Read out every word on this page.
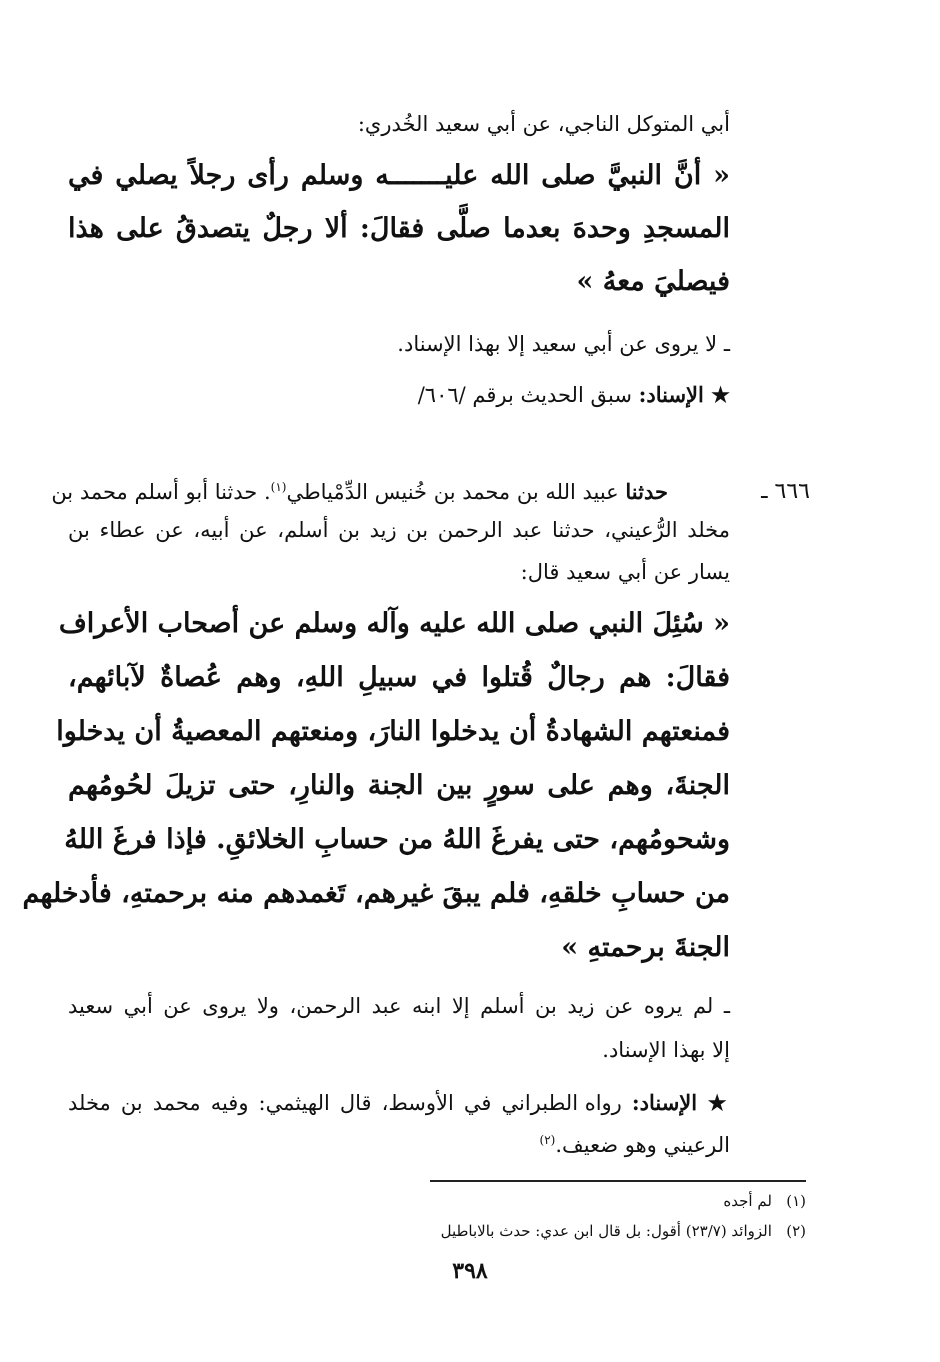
أبي المتوكل الناجي، عن أبي سعيد الخُدري:
« أنَّ النبيَّ صلى الله عليـــــــه وسلم رأى رجلاً يصلي في
المسجدِ وحدهَ بعدما صلَّى فقالَ: ألا رجلٌ يتصدقُ على هذا
فيصليَ معهُ »
ـ لا يروى عن أبي سعيد إلا بهذا الإسناد.
★ الإسناد: سبق الحديث برقم /٦٠٦/
٦٦٦ ـ
حدثنا عبيد الله بن محمد بن خُنيس الدِّمْياطي$^{(١)}$. حدثنا أبو أسلم محمد بن
مخلد الرُّعيني، حدثنا عبد الرحمن بن زيد بن أسلم، عن أبيه، عن عطاء بن
يسار عن أبي سعيد قال:
« سُئِلَ النبي صلى الله عليه وآله وسلم عن أصحاب الأعراف
فقالَ: هم رجالٌ قُتلوا في سبيلِ اللهِ، وهم عُصاةٌ لآبائهم،
فمنعتهم الشهادةُ أن يدخلوا النارَ، ومنعتهم المعصيةُ أن يدخلوا
الجنةَ، وهم على سورٍ بين الجنة والنارِ، حتى تزيلَ لحُومُهم
وشحومُهم، حتى يفرغَ اللهُ من حسابِ الخلائقِ. فإذا فرغَ اللهُ
من حسابِ خلقهِ، فلم يبقَ غيرهم، تَغمدهم منه برحمتهِ، فأدخلهم
الجنةَ برحمتهِ »
ـ لم يروه عن زيد بن أسلم إلا ابنه عبد الرحمن، ولا يروى عن أبي سعيد
إلا بهذا الإسناد.
★ الإسناد: رواه الطبراني في الأوسط، قال الهيثمي: وفيه محمد بن مخلد
الرعيني وهو ضعيف.$^{(٢)}$
(١)   لم أجده
(٢)   الزوائد (٢٣/٧) أقول: بل قال ابن عدي: حدث بالاباطيل
٣٩٨
